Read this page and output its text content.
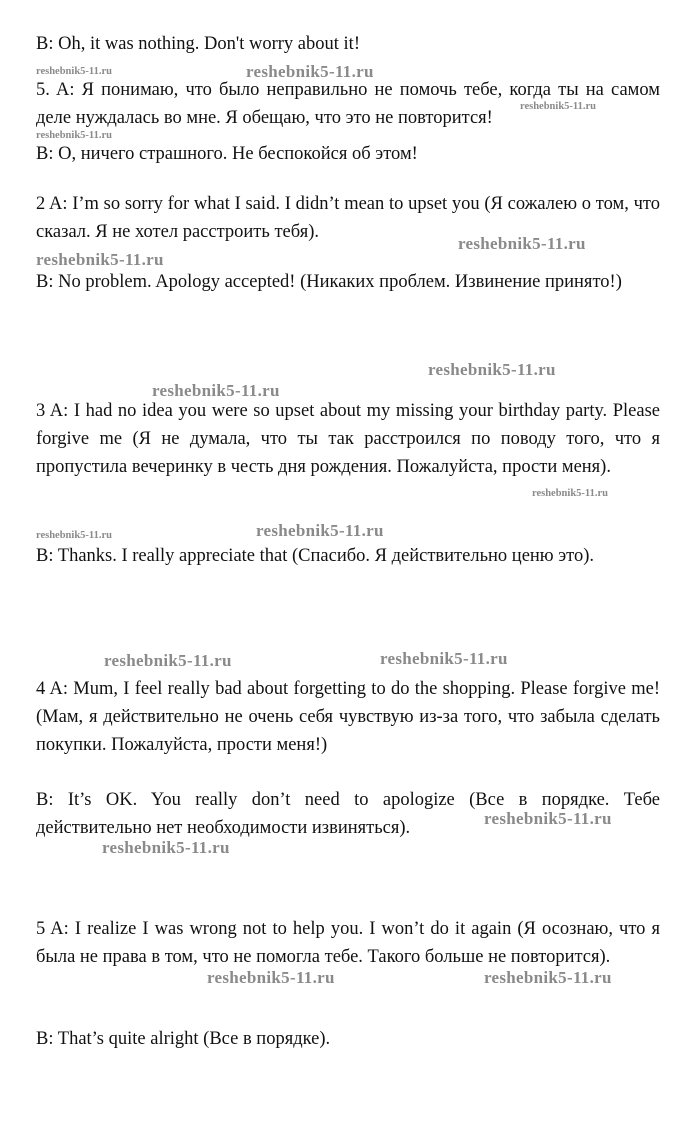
B: Oh, it was nothing. Don't worry about it!

5. A: Я понимаю, что было неправильно не помочь тебе, когда ты на самом деле нуждалась во мне. Я обещаю, что это не повторится!

B: О, ничего страшного. Не беспокойся об этом!

2 A: I’m so sorry for what I said. I didn’t mean to upset you (Я сожалею о том, что сказал. Я не хотел расстроить тебя).

B: No problem. Apology accepted! (Никаких проблем. Извинение принято!)

3 A: I had no idea you were so upset about my missing your birthday party. Please forgive me (Я не думала, что ты так расстроился по поводу того, что я пропустила вечеринку в честь дня рождения. Пожалуйста, прости меня).

B: Thanks. I really appreciate that (Спасибо. Я действительно ценю это).

4 A: Mum, I feel really bad about forgetting to do the shopping. Please forgive me! (Мам, я действительно не очень себя чувствую из-за того, что забыла сделать покупки. Пожалуйста, прости меня!)

B: It’s OK. You really don’t need to apologize (Все в порядке. Тебе действительно нет необходимости извиняться).

5 A: I realize I was wrong not to help you. I won’t do it again (Я осознаю, что я была не права в том, что не помогла тебе. Такого больше не повторится).

B: That’s quite alright (Все в порядке).

reshebnik5-11.ru	reshebnik5-11.ru
reshebnik5-11.ru
reshebnik5-11.ru
reshebnik5-11.ru
reshebnik5-11.ru
reshebnik5-11.ru
reshebnik5-11.ru
reshebnik5-11.ru
reshebnik5-11.ru	reshebnik5-11.ru
reshebnik5-11.ru	reshebnik5-11.ru
reshebnik5-11.ru
reshebnik5-11.ru
reshebnik5-11.ru	reshebnik5-11.ru
